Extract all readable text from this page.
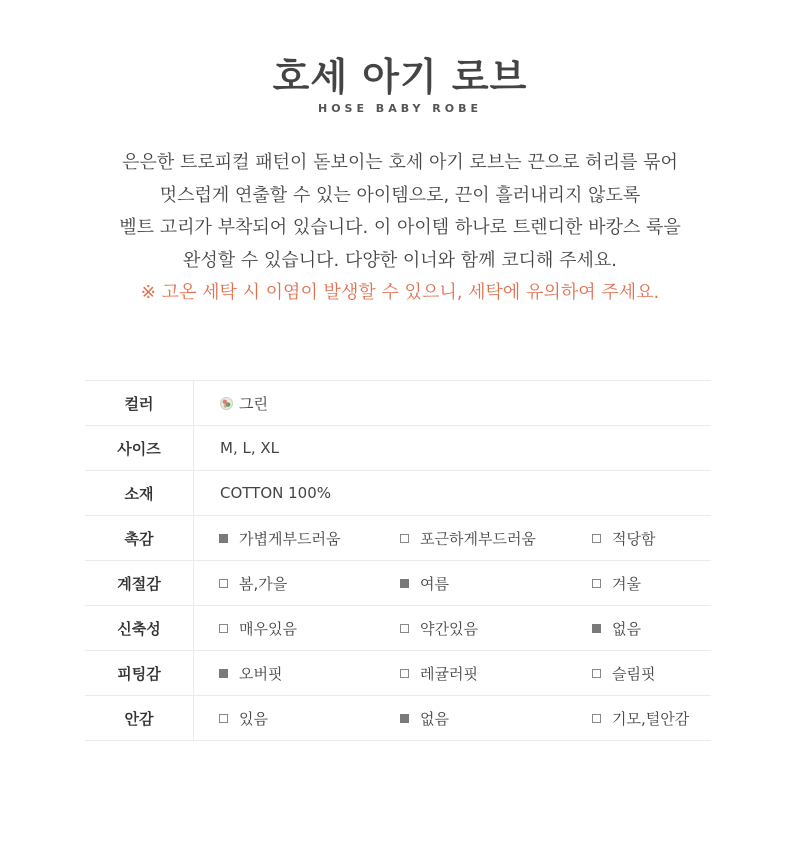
호세 아기 로브
HOSE BABY ROBE
은은한 트로피컬 패턴이 돋보이는 호세 아기 로브는 끈으로 허리를 묶어
멋스럽게 연출할 수 있는 아이템으로, 끈이 흘러내리지 않도록
벨트 고리가 부착되어 있습니다. 이 아이템 하나로 트렌디한 바캉스 룩을
완성할 수 있습니다. 다양한 이너와 함께 코디해 주세요.
※ 고온 세탁 시 이염이 발생할 수 있으니, 세탁에 유의하여 주세요.
컬러	그린
사이즈	M, L, XL
소재	COTTON 100%
촉감	가볍게부드러움 포근하게부드러움 적당함

계절감	봄,가을 여름 겨울

신축성	매우있음 약간있음 없음

피팅감	오버핏 레귤러핏 슬림핏

안감	있음 없음 기모,털안감
